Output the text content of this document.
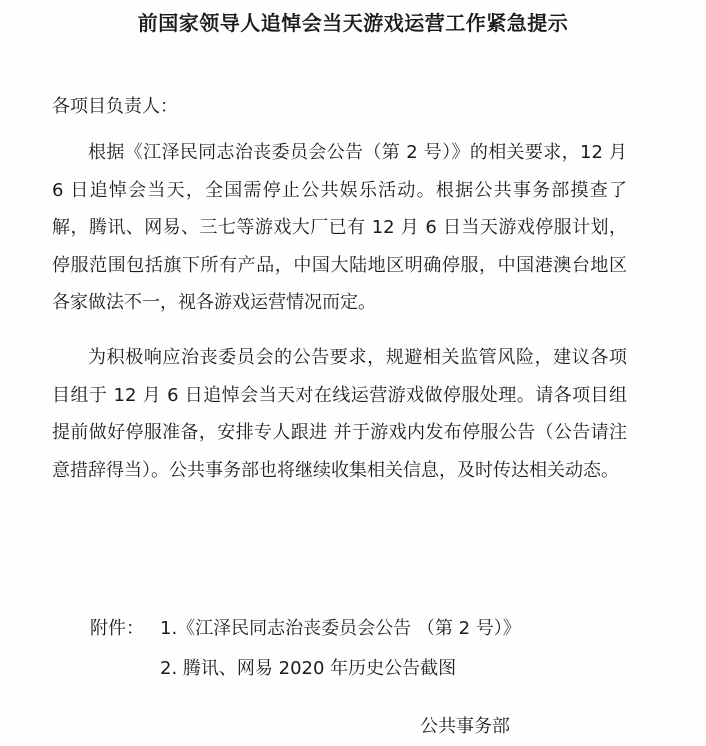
前国家领导人追悼会当天游戏运营工作紧急提示
各项目负责人：

根据《江泽民同志治丧委员会公告（第 2 号）》的相关要求，12 月 6 日追悼会当天，全国需停止公共娱乐活动。根据公共事务部摸查了解，腾讯、网易、三七等游戏大厂已有 12 月 6 日当天游戏停服计划，停服范围包括旗下所有产品，中国大陆地区明确停服，中国港澳台地区各家做法不一，视各游戏运营情况而定。

为积极响应治丧委员会的公告要求，规避相关监管风险，建议各项目组于 12 月 6 日追悼会当天对在线运营游戏做停服处理。请各项目组提前做好停服准备，安排专人跟进 并于游戏内发布停服公告（公告请注意措辞得当）。公共事务部也将继续收集相关信息，及时传达相关动态。

附件： 1.《江泽民同志治丧委员会公告 （第 2 号）》
2. 腾讯、网易 2020 年历史公告截图
公共事务部
